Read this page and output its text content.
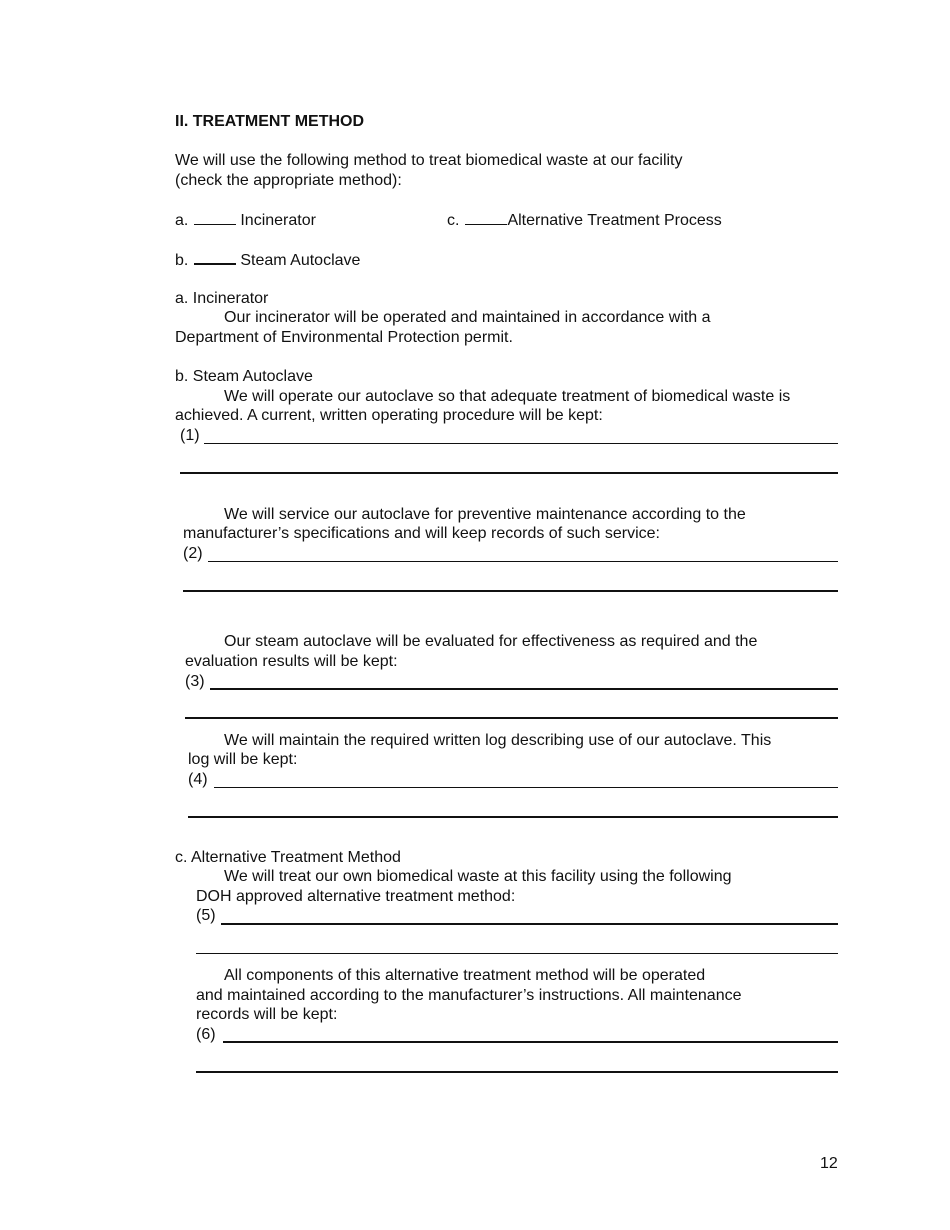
II. TREATMENT METHOD
We will use the following method to treat biomedical waste at our facility
(check the appropriate method):
a.	Incinerator	c.	Alternative Treatment Process
b.	Steam Autoclave
a. Incinerator
Our incinerator will be operated and maintained in accordance with a
Department of Environmental Protection permit.
b. Steam Autoclave
We will operate our autoclave so that adequate treatment of biomedical waste is
achieved. A current, written operating procedure will be kept:
(1)
We will service our autoclave for preventive maintenance according to the
manufacturer’s specifications and will keep records of such service:
(2)
Our steam autoclave will be evaluated for effectiveness as required and the
evaluation results will be kept:
(3)
We will maintain the required written log describing use of our autoclave. This
log will be kept:
(4)
c. Alternative Treatment Method
We will treat our own biomedical waste at this facility using the following
DOH approved alternative treatment method:
(5)
All components of this alternative treatment method will be operated
and maintained according to the manufacturer’s instructions. All maintenance
records will be kept:
(6)
12
